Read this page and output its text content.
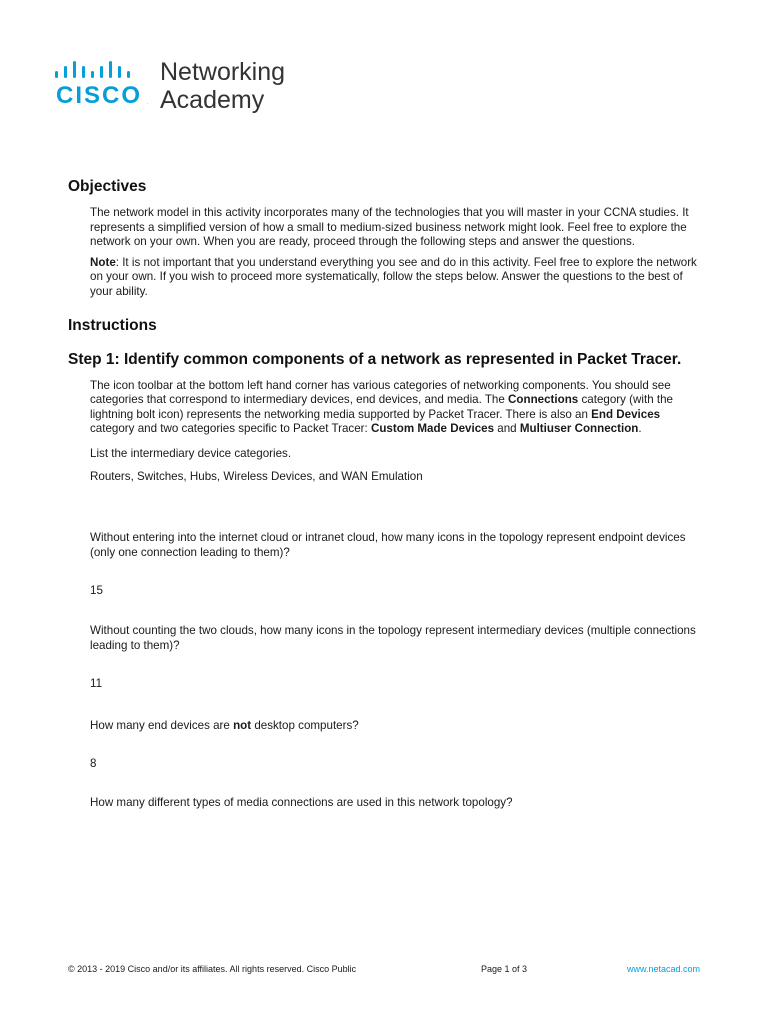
CISCO .
Networking
Academy
Objectives

The network model in this activity incorporates many of the technologies that you will master in your CCNA studies. It represents a simplified version of how a small to medium-sized business network might look. Feel free to explore the network on your own. When you are ready, proceed through the following steps and answer the questions.

Note: It is not important that you understand everything you see and do in this activity. Feel free to explore the network on your own. If you wish to proceed more systematically, follow the steps below. Answer the questions to the best of your ability.

Instructions
Step 1: Identify common components of a network as represented in Packet Tracer.

The icon toolbar at the bottom left hand corner has various categories of networking components. You should see categories that correspond to intermediary devices, end devices, and media. The Connections category (with the lightning bolt icon) represents the networking media supported by Packet Tracer. There is also an End Devices category and two categories specific to Packet Tracer: Custom Made Devices and Multiuser Connection.

List the intermediary device categories.

Routers, Switches, Hubs, Wireless Devices, and WAN Emulation

Without entering into the internet cloud or intranet cloud, how many icons in the topology represent endpoint devices (only one connection leading to them)?

15

Without counting the two clouds, how many icons in the topology represent intermediary devices (multiple connections leading to them)?

11

How many end devices are not desktop computers?

8

How many different types of media connections are used in this network topology?

© 2013 - 2019 Cisco and/or its affiliates. All rights reserved. Cisco Public	Page 1 of 3	www.netacad.com
